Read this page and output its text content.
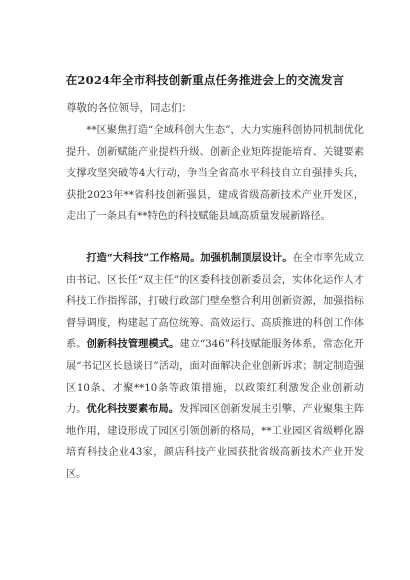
在2024年全市科技创新重点任务推进会上的交流发言
尊敬的各位领导，同志们：

**区聚焦打造“全域科创大生态”，大力实施科创协同机制优化提升、创新赋能产业提档升级、创新企业矩阵提能培育、关键要素支撑攻坚突破等4大行动，争当全省高水平科技自立自强排头兵，获批2023年**省科技创新强县，建成省级高新技术产业开发区，走出了一条具有**特色的科技赋能县域高质量发展新路径。

打造“大科技”工作格局。加强机制顶层设计。在全市率先成立由书记、区长任“双主任”的区委科技创新委员会，实体化运作人才科技工作指挥部，打破行政部门壁垒整合利用创新资源，加强指标督导调度，构建起了高位统筹、高效运行、高质推进的科创工作体系。创新科技管理模式。建立“346”科技赋能服务体系，常态化开展“书记区长恳谈日”活动，面对面解决企业创新诉求；制定制造强区10条、才聚**10条等政策措施，以政策红利激发企业创新动力。优化科技要素布局。发挥园区创新发展主引擎、产业聚集主阵地作用，建设形成了园区引领创新的格局，**工业园区省级孵化器培育科技企业43家，颜店科技产业园获批省级高新技术产业开发区。
